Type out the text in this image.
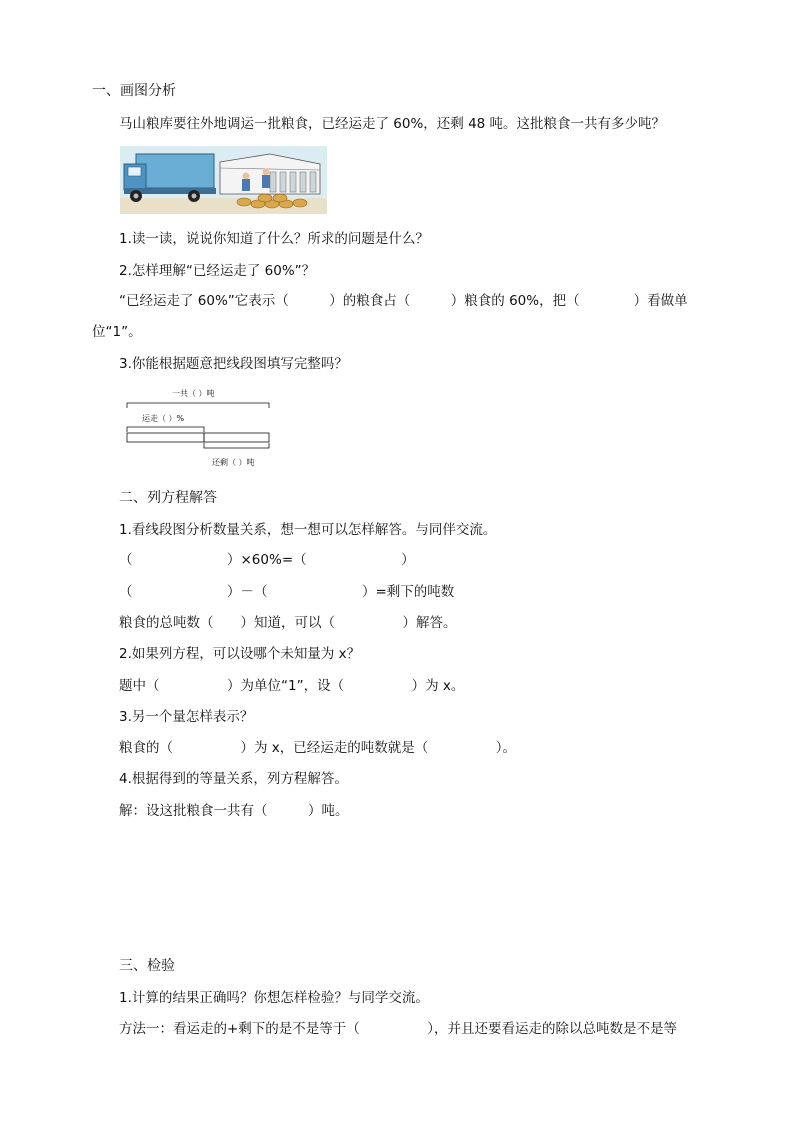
一、画图分析
马山粮库要往外地调运一批粮食，已经运走了 60%，还剩 48 吨。这批粮食一共有多少吨？
1.读一读，说说你知道了什么？所求的问题是什么？
2.怎样理解“已经运走了 60%”？
“已经运走了 60%”它表示（　　　）的粮食占（　　　）粮食的 60%，把（　　　　）看做单
位“1”。
3.你能根据题意把线段图填写完整吗？
一共（ ）吨
运走（ ）%
还剩（ ）吨
二、列方程解答
1.看线段图分析数量关系，想一想可以怎样解答。与同伴交流。
（　　　　　　　）×60%=（　　　　　　　）
（　　　　　　　）－（　　　　　　　）=剩下的吨数
粮食的总吨数（　　）知道，可以（　　　　　）解答。
2.如果列方程，可以设哪个未知量为 x？
题中（　　　　　）为单位“1”，设（　　　　　）为 x。
3.另一个量怎样表示？
粮食的（　　　　　）为 x，已经运走的吨数就是（　　　　　）。
4.根据得到的等量关系，列方程解答。
解：设这批粮食一共有（　　　）吨。
三、检验
1.计算的结果正确吗？你想怎样检验？与同学交流。
方法一：看运走的+剩下的是不是等于（　　　　　），并且还要看运走的除以总吨数是不是等
